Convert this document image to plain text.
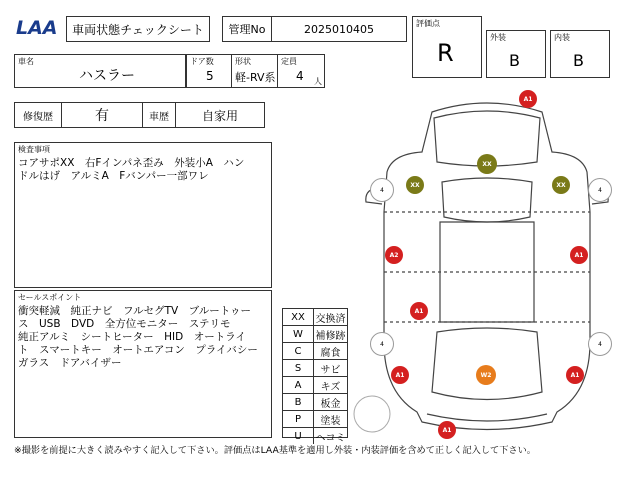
LAA 車両状態チェックシート 管理No	2025010405	評価点
R
外装
B
内装
B
車名
ハスラー
ドア数
5
形状
軽-RV系
定員
4 人
修復歴	有	車歴	自家用
検査事項
コアサポXX　右Fインパネ歪み　外装小A　ハン
ドルはげ　アルミA　Fバンパー一部ワレ
セールスポイント
衝突軽減　純正ナビ　フルセグTV　ブルートゥー
ス　USB　DVD　全方位モニター　ステリモ
純正アルミ　シートヒーター　HID　オートライ
ト　スマートキー　オートエアコン　プライバシー
ガラス　ドアバイザー
XX	交換済
W	補修跡
C	腐食
S	サビ
A	キズ
B	板金
P	塗装
U	ヘコミ
A1
XX
4
XX	XX
4
A2	A1
A1
4	4
A1	W2	A1
A1
※撮影を前提に大きく読みやすく記入して下さい。評価点はLAA基準を適用し外装・内装評価を含めて正しく記入して下さい。
